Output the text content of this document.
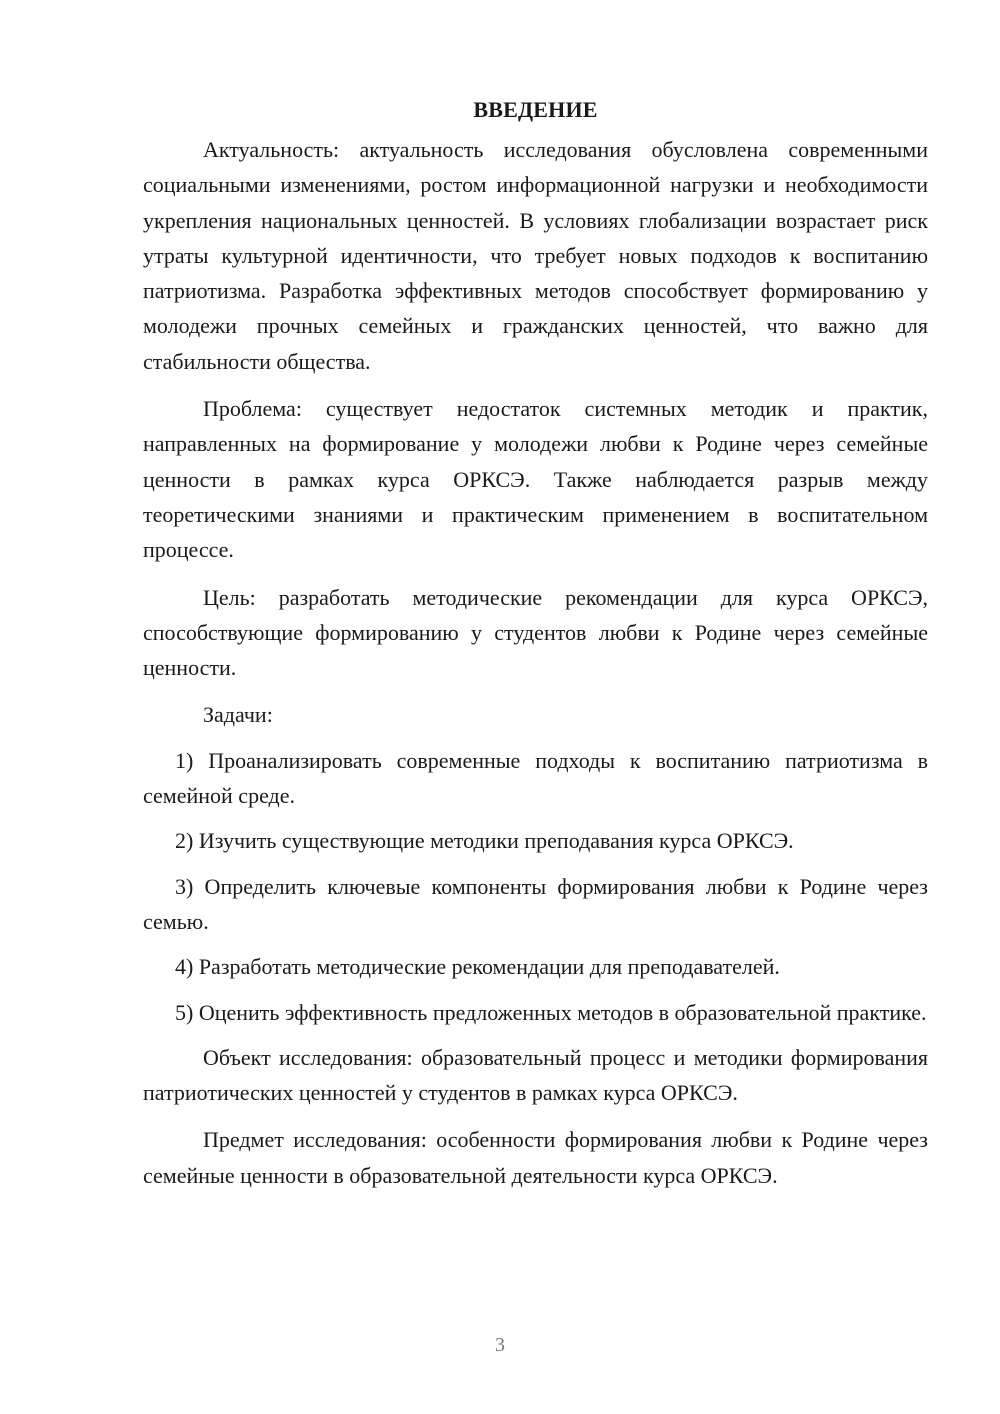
ВВЕДЕНИЕ

Актуальность: актуальность исследования обусловлена современными социальными изменениями, ростом информационной нагрузки и необходимости укрепления национальных ценностей. В условиях глобализации возрастает риск утраты культурной идентичности, что требует новых подходов к воспитанию патриотизма. Разработка эффективных методов способствует формированию у молодежи прочных семейных и гражданских ценностей, что важно для стабильности общества.

Проблема: существует недостаток системных методик и практик, направленных на формирование у молодежи любви к Родине через семейные ценности в рамках курса ОРКСЭ. Также наблюдается разрыв между теоретическими знаниями и практическим применением в воспитательном процессе.

Цель: разработать методические рекомендации для курса ОРКСЭ, способствующие формированию у студентов любви к Родине через семейные ценности.

Задачи:

1) Проанализировать современные подходы к воспитанию патриотизма в семейной среде.

2) Изучить существующие методики преподавания курса ОРКСЭ.

3) Определить ключевые компоненты формирования любви к Родине через семью.

4) Разработать методические рекомендации для преподавателей.

5) Оценить эффективность предложенных методов в образовательной практике.

Объект исследования: образовательный процесс и методики формирования патриотических ценностей у студентов в рамках курса ОРКСЭ.

Предмет исследования: особенности формирования любви к Родине через семейные ценности в образовательной деятельности курса ОРКСЭ.

3
